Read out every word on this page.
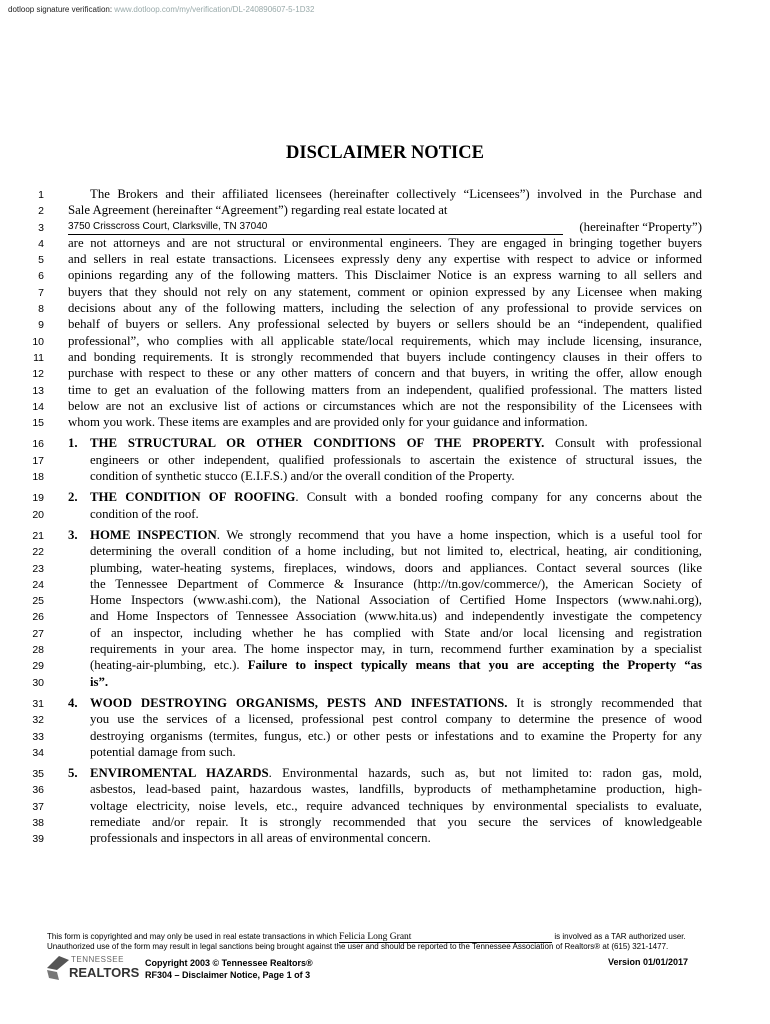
dotloop signature verification: www.dotloop.com/my/verification/DL-240890607-5-1D32
DISCLAIMER NOTICE
1	The Brokers and their affiliated licensees (hereinafter collectively “Licensees”) involved in the Purchase and
2 Sale Agreement (hereinafter “Agreement”) regarding real estate located at
3 3750 Crisscross Court, Clarksville, TN 37040	(hereinafter “Property”)
4 are not attorneys and are not structural or environmental engineers. They are engaged in bringing together buyers
5 and sellers in real estate transactions. Licensees expressly deny any expertise with respect to advice or informed
6 opinions regarding any of the following matters. This Disclaimer Notice is an express warning to all sellers and
7 buyers that they should not rely on any statement, comment or opinion expressed by any Licensee when making
8 decisions about any of the following matters, including the selection of any professional to provide services on
9 behalf of buyers or sellers. Any professional selected by buyers or sellers should be an “independent, qualified
10 professional”, who complies with all applicable state/local requirements, which may include licensing, insurance,
11 and bonding requirements. It is strongly recommended that buyers include contingency clauses in their offers to
12 purchase with respect to these or any other matters of concern and that buyers, in writing the offer, allow enough
13 time to get an evaluation of the following matters from an independent, qualified professional. The matters listed
14 below are not an exclusive list of actions or circumstances which are not the responsibility of the Licensees with
15 whom you work. These items are examples and are provided only for your guidance and information.
16 1. THE STRUCTURAL OR OTHER CONDITIONS OF THE PROPERTY. Consult with professional
17	engineers or other independent, qualified professionals to ascertain the existence of structural issues, the
18	condition of synthetic stucco (E.I.F.S.) and/or the overall condition of the Property.
19 2. THE CONDITION OF ROOFING. Consult with a bonded roofing company for any concerns about the
20	condition of the roof.
21 3. HOME INSPECTION. We strongly recommend that you have a home inspection, which is a useful tool for
22	determining the overall condition of a home including, but not limited to, electrical, heating, air conditioning,
23	plumbing, water-heating systems, fireplaces, windows, doors and appliances. Contact several sources (like
24	the Tennessee Department of Commerce & Insurance (http://tn.gov/commerce/), the American Society of
25	Home Inspectors (www.ashi.com), the National Association of Certified Home Inspectors (www.nahi.org),
26	and Home Inspectors of Tennessee Association (www.hita.us) and independently investigate the competency
27	of an inspector, including whether he has complied with State and/or local licensing and registration
28	requirements in your area. The home inspector may, in turn, recommend further examination by a specialist
29	(heating-air-plumbing, etc.). Failure to inspect typically means that you are accepting the Property “as
30	is”.
31 4. WOOD DESTROYING ORGANISMS, PESTS AND INFESTATIONS. It is strongly recommended that
32	you use the services of a licensed, professional pest control company to determine the presence of wood
33	destroying organisms (termites, fungus, etc.) or other pests or infestations and to examine the Property for any
34	potential damage from such.
35 5. ENVIROMENTAL HAZARDS. Environmental hazards, such as, but not limited to: radon gas, mold,
36	asbestos, lead-based paint, hazardous wastes, landfills, byproducts of methamphetamine production, high-
37	voltage electricity, noise levels, etc., require advanced techniques by environmental specialists to evaluate,
38	remediate and/or repair. It is strongly recommended that you secure the services of knowledgeable
39	professionals and inspectors in all areas of environmental concern.
This form is copyrighted and may only be used in real estate transactions in which Felicia Long Grant	is involved as a TAR authorized user.
Unauthorized use of the form may result in legal sanctions being brought against the user and should be reported to the Tennessee Association of Realtors® at (615) 321-1477.
TENNESSEE
REALTORS
Copyright 2003 © Tennessee Realtors®
RF304 – Disclaimer Notice, Page 1 of 3
Version 01/01/2017
